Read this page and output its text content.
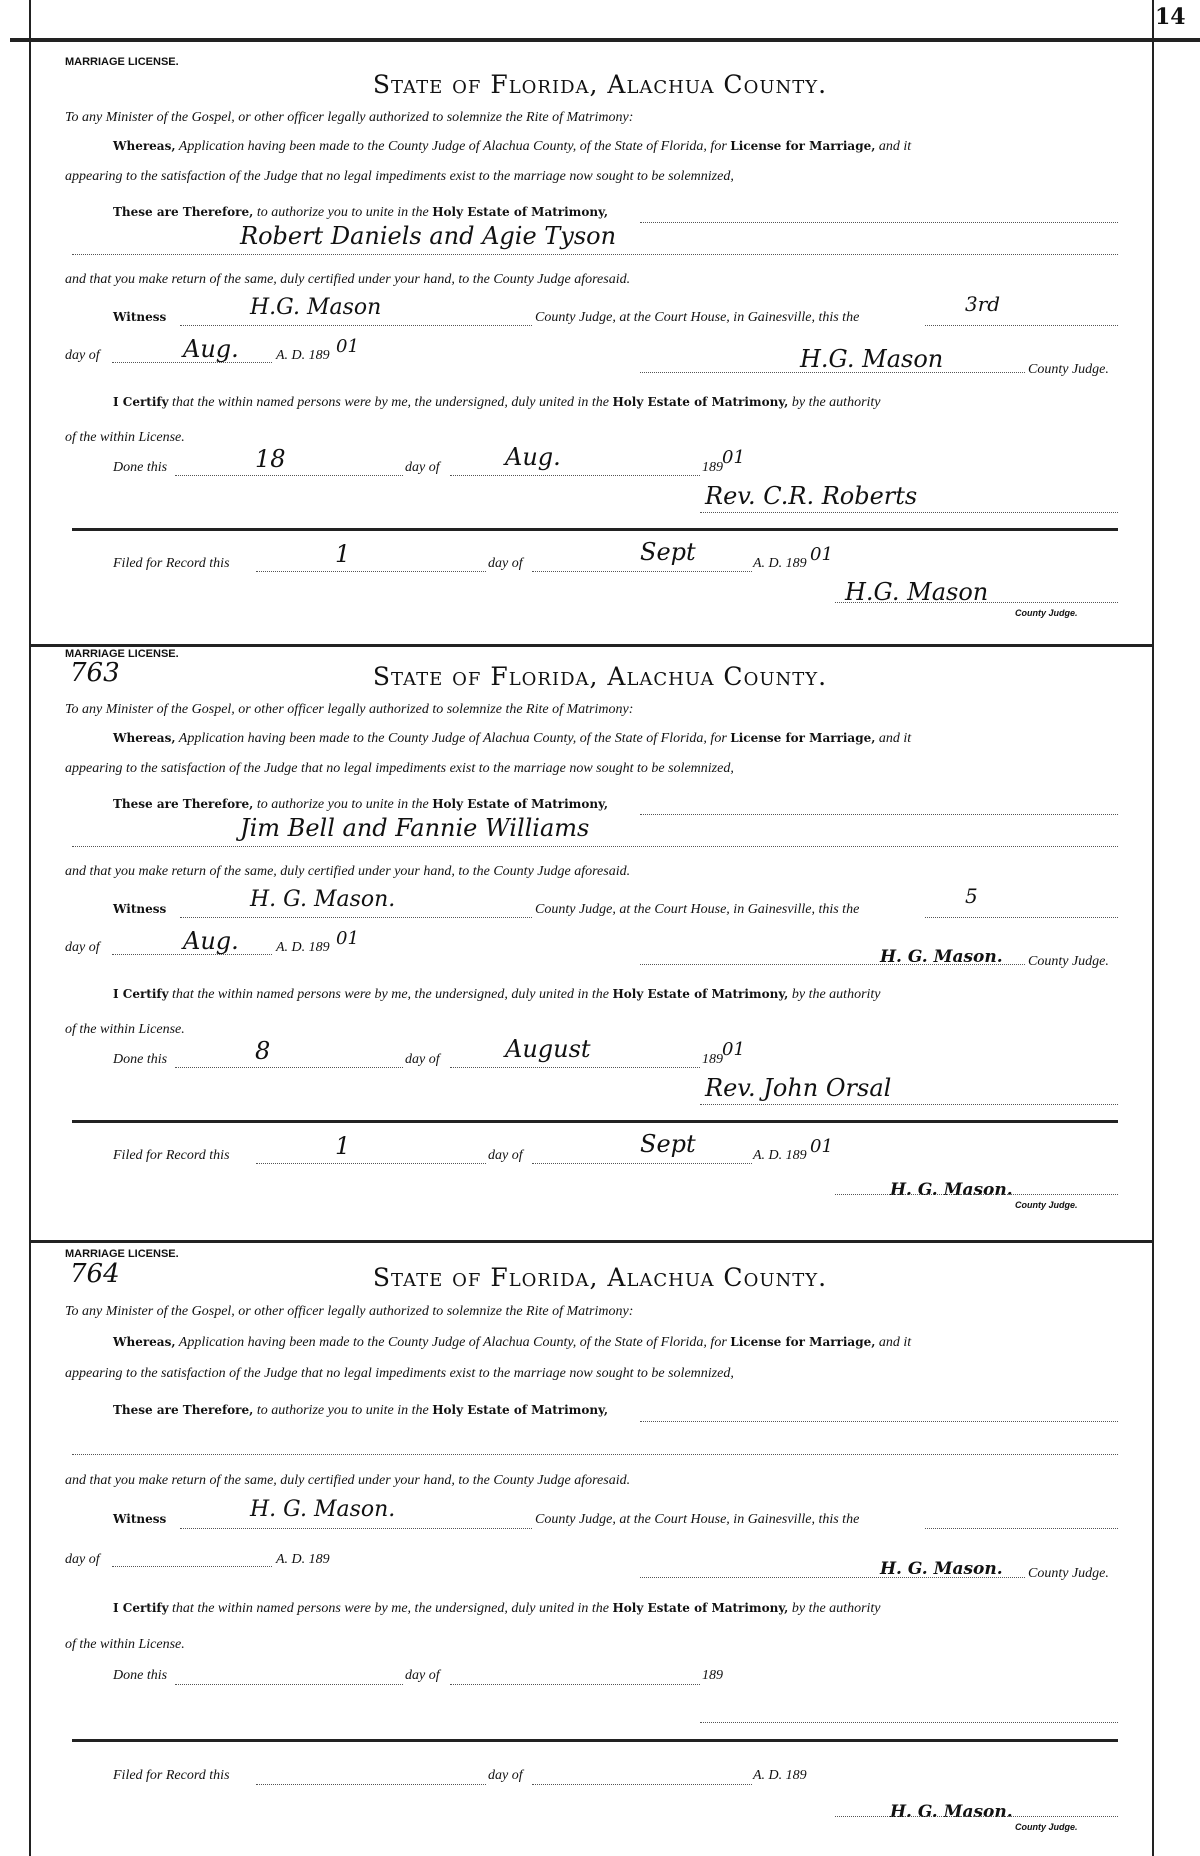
14
MARRIAGE LICENSE.
State of Florida, Alachua County.
To any Minister of the Gospel, or other officer legally authorized to solemnize the Rite of Matrimony:
Whereas, Application having been made to the County Judge of Alachua County, of the State of Florida, for License for Marriage, and it
appearing to the satisfaction of the Judge that no legal impediments exist to the marriage now sought to be solemnized,
These are Therefore, to authorize you to unite in the Holy Estate of Matrimony,
Robert Daniels and Agie Tyson
and that you make return of the same, duly certified under your hand, to the County Judge aforesaid.
Witness	H.G. Mason	County Judge, at the Court House, in Gainesville, this the
3rd
day of	Aug.	A. D. 189 01	H.G. Mason	County Judge.
I Certify that the within named persons were by me, the undersigned, duly united in the Holy Estate of Matrimony, by the authority
of the within License.
Done this	18	day of	Aug.	189 01
Rev. C.R. Roberts
Filed for Record this	1	day of	Sept	A. D. 189 01
H.G. Mason
County Judge.
MARRIAGE LICENSE.
763	State of Florida, Alachua County.
To any Minister of the Gospel, or other officer legally authorized to solemnize the Rite of Matrimony:
Whereas, Application having been made to the County Judge of Alachua County, of the State of Florida, for License for Marriage, and it
appearing to the satisfaction of the Judge that no legal impediments exist to the marriage now sought to be solemnized,
These are Therefore, to authorize you to unite in the Holy Estate of Matrimony,
Jim Bell and Fannie Williams
and that you make return of the same, duly certified under your hand, to the County Judge aforesaid.
Witness	H. G. Mason.	County Judge, at the Court House, in Gainesville, this the
5
day of	Aug.	A. D. 189 01
H. G. Mason. County Judge.
I Certify that the within named persons were by me, the undersigned, duly united in the Holy Estate of Matrimony, by the authority
of the within License.
Done this	8	day of	August	189 01
Rev. John Orsal
Filed for Record this	1	day of	Sept	A. D. 189 01
H. G. Mason.
County Judge.
MARRIAGE LICENSE.
764	State of Florida, Alachua County.
To any Minister of the Gospel, or other officer legally authorized to solemnize the Rite of Matrimony:
Whereas, Application having been made to the County Judge of Alachua County, of the State of Florida, for License for Marriage, and it
appearing to the satisfaction of the Judge that no legal impediments exist to the marriage now sought to be solemnized,
These are Therefore, to authorize you to unite in the Holy Estate of Matrimony,
and that you make return of the same, duly certified under your hand, to the County Judge aforesaid.
Witness	H. G. Mason.	County Judge, at the Court House, in Gainesville, this the
day of	A. D. 189	H. G. Mason. County Judge.
I Certify that the within named persons were by me, the undersigned, duly united in the Holy Estate of Matrimony, by the authority
of the within License.
Done this	day of	189
Filed for Record this	day of	A. D. 189
H. G. Mason.
County Judge.
